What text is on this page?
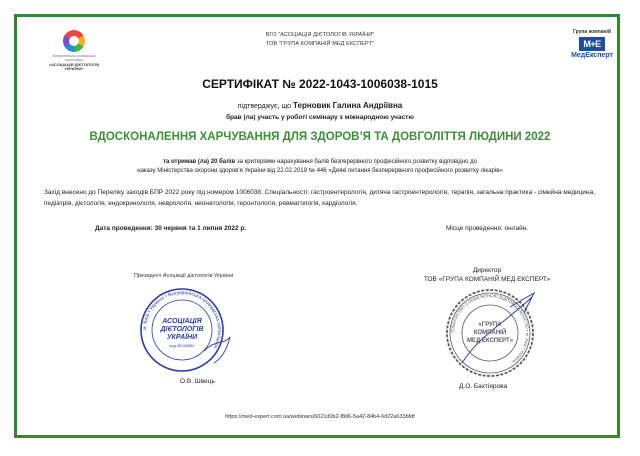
Всеукраїнська громадська організація
«АСОЦІАЦІЯ ДІЄТОЛОГІВ УКРАЇНИ»
ВГО "АСОЦІАЦІЯ ДІЄТОЛОГІВ УКРАЇНИ"
ТОВ "ГРУПА КОМПАНІЙ МЕД ЕКСПЕРТ"
Група компаній
М+Е
МедЕксперт
СЕРТИФІКАТ № 2022-1043-1006038-1015
підтверджує, що Терновик Галина Андріївна
брав (ла) участь у роботі семінару з міжнародною участю
ВДОСКОНАЛЕННЯ ХАРЧУВАННЯ ДЛЯ ЗДОРОВ’Я ТА ДОВГОЛІТТЯ ЛЮДИНИ 2022
та отримав (ла) 20 балів за критеріями нарахування балів безперервного професійного розвитку відповідно до
наказу Міністерства охорони здоров'я України від 22.02.2019 № 446 «Деякі питання безперервного професійного розвитку лікарів»
Захід внесено до Переліку заходів БПР 2022 року під номером 1006038. Спеціальності: гастроентерологія, дитяча гастроентерологія, терапія, загальна практика - сімейна медицина, педіатрія, дієтологія, ендокринологія, неврологія, неонатологія, геронтологія, ревматологія, кардіологія.
Дата проведення: 30 червня та 1 липня 2022 р.	Місце проведення: онлайн.
Президент Асоціації дієтологів України
м. Київ • Україна • Всеукраїнська громадська організація
АСОЦІАЦІЯ
ДІЄТОЛОГІВ
УКРАЇНИ
код 38152854
О.В. Швець
Директор
ТОВ «ГРУПА КОМПАНІЙ МЕД ЕКСПЕРТ»
ТОВАРИСТВО З ОБМЕЖЕНОЮ ВІДПОВІДАЛЬНІСТЮ • м. Київ • Україна
«ГРУПА
КОМПАНІЙ
МЕД ЕКСПЕРТ»
Д.О. Бахтіярова
https://med-expert.com.ua/webinars/6021d0b2-f8d6-5a42-84b4-6d22a633bfdf
